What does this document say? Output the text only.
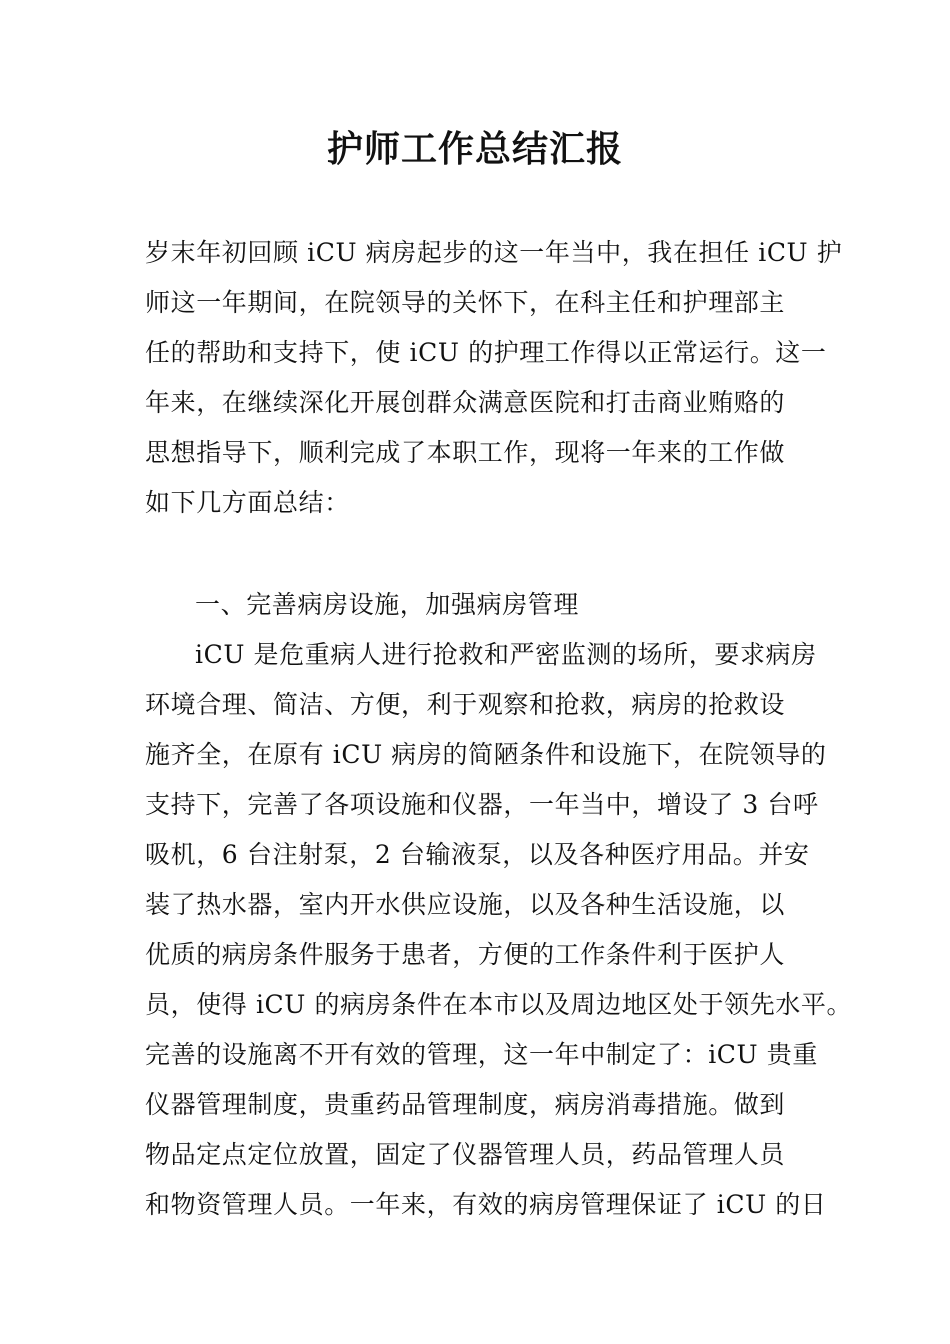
护师工作总结汇报
岁末年初回顾 iCU 病房起步的这一年当中，我在担任 iCU 护
师这一年期间，在院领导的关怀下，在科主任和护理部主
任的帮助和支持下，使 iCU 的护理工作得以正常运行。这一
年来，在继续深化开展创群众满意医院和打击商业贿赂的
思想指导下，顺利完成了本职工作，现将一年来的工作做
如下几方面总结：
一、完善病房设施，加强病房管理
iCU 是危重病人进行抢救和严密监测的场所，要求病房
环境合理、简洁、方便，利于观察和抢救，病房的抢救设
施齐全，在原有 iCU 病房的简陋条件和设施下，在院领导的
支持下，完善了各项设施和仪器，一年当中，增设了 3 台呼
吸机，6 台注射泵，2 台输液泵，以及各种医疗用品。并安
装了热水器，室内开水供应设施，以及各种生活设施，以
优质的病房条件服务于患者，方便的工作条件利于医护人
员，使得 iCU 的病房条件在本市以及周边地区处于领先水平。
完善的设施离不开有效的管理，这一年中制定了：iCU 贵重
仪器管理制度，贵重药品管理制度，病房消毒措施。做到
物品定点定位放置，固定了仪器管理人员，药品管理人员
和物资管理人员。一年来，有效的病房管理保证了 iCU 的日
